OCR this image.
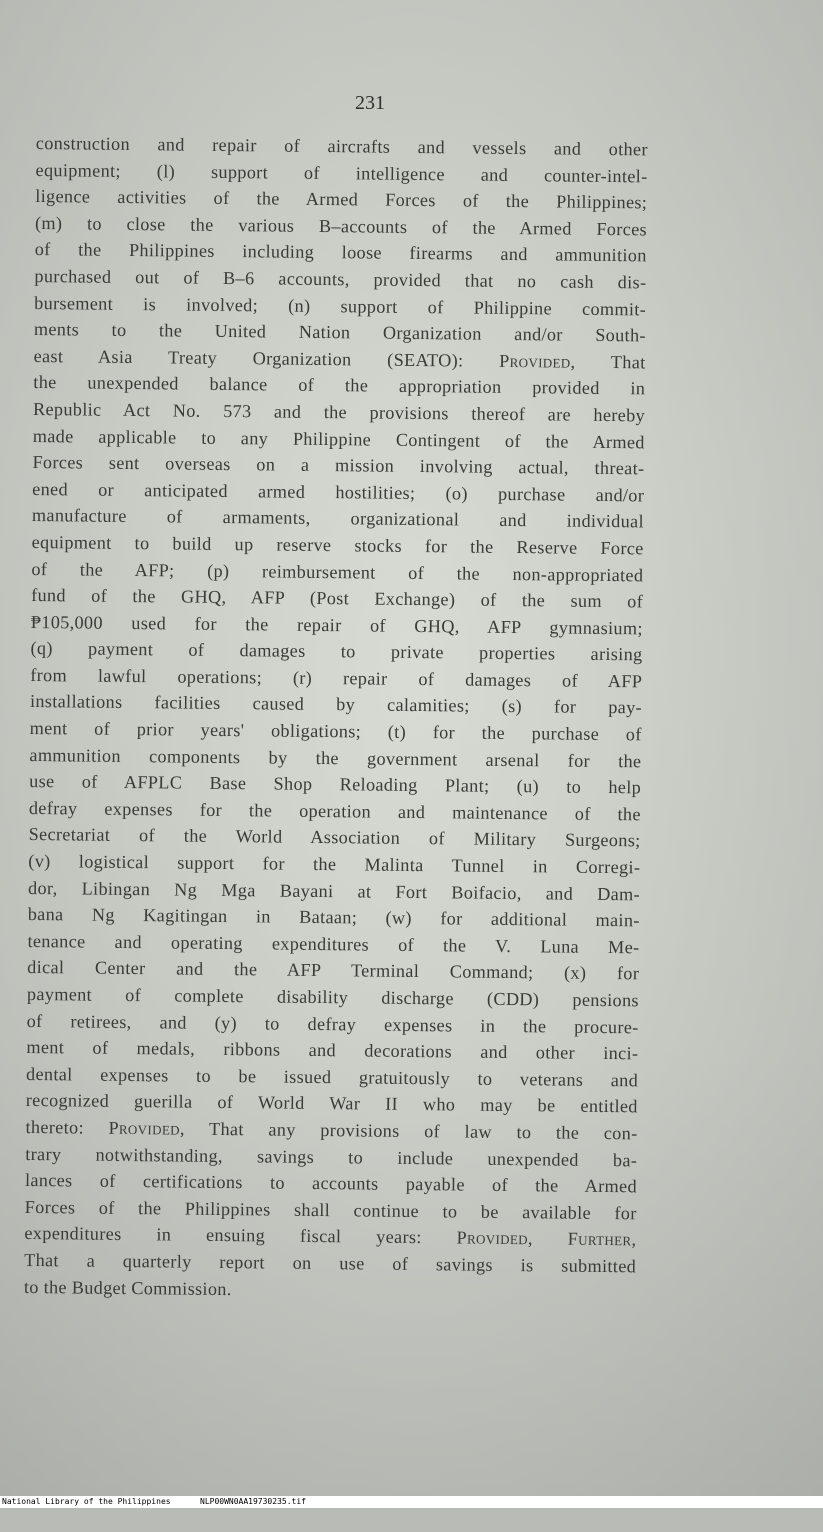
231
construction and repair of aircrafts and vessels and other
equipment; (l) support of intelligence and counter-intel-
ligence activities of the Armed Forces of the Philippines;
(m) to close the various B–accounts of the Armed Forces
of the Philippines including loose firearms and ammunition
purchased out of B–6 accounts, provided that no cash dis-
bursement is involved; (n) support of Philippine commit-
ments to the United Nation Organization and/or South-
east Asia Treaty Organization (SEATO): Provided, That
the unexpended balance of the appropriation provided in
Republic Act No. 573 and the provisions thereof are hereby
made applicable to any Philippine Contingent of the Armed
Forces sent overseas on a mission involving actual, threat-
ened or anticipated armed hostilities; (o) purchase and/or
manufacture of armaments, organizational and individual
equipment to build up reserve stocks for the Reserve Force
of the AFP; (p) reimbursement of the non-appropriated
fund of the GHQ, AFP (Post Exchange) of the sum of
₱105,000 used for the repair of GHQ, AFP gymnasium;
(q) payment of damages to private properties arising
from lawful operations; (r) repair of damages of AFP
installations facilities caused by calamities; (s) for pay-
ment of prior years' obligations; (t) for the purchase of
ammunition components by the government arsenal for the
use of AFPLC Base Shop Reloading Plant; (u) to help
defray expenses for the operation and maintenance of the
Secretariat of the World Association of Military Surgeons;
(v) logistical support for the Malinta Tunnel in Corregi-
dor, Libingan Ng Mga Bayani at Fort Boifacio, and Dam-
bana Ng Kagitingan in Bataan; (w) for additional main-
tenance and operating expenditures of the V. Luna Me-
dical Center and the AFP Terminal Command; (x) for
payment of complete disability discharge (CDD) pensions
of retirees, and (y) to defray expenses in the procure-
ment of medals, ribbons and decorations and other inci-
dental expenses to be issued gratuitously to veterans and
recognized guerilla of World War II who may be entitled
thereto: Provided, That any provisions of law to the con-
trary notwithstanding, savings to include unexpended ba-
lances of certifications to accounts payable of the Armed
Forces of the Philippines shall continue to be available for
expenditures in ensuing fiscal years: Provided, Further,
That a quarterly report on use of savings is submitted
to the Budget Commission.

National Library of the Philippines

	NLP00WN0AA19730235.tif
